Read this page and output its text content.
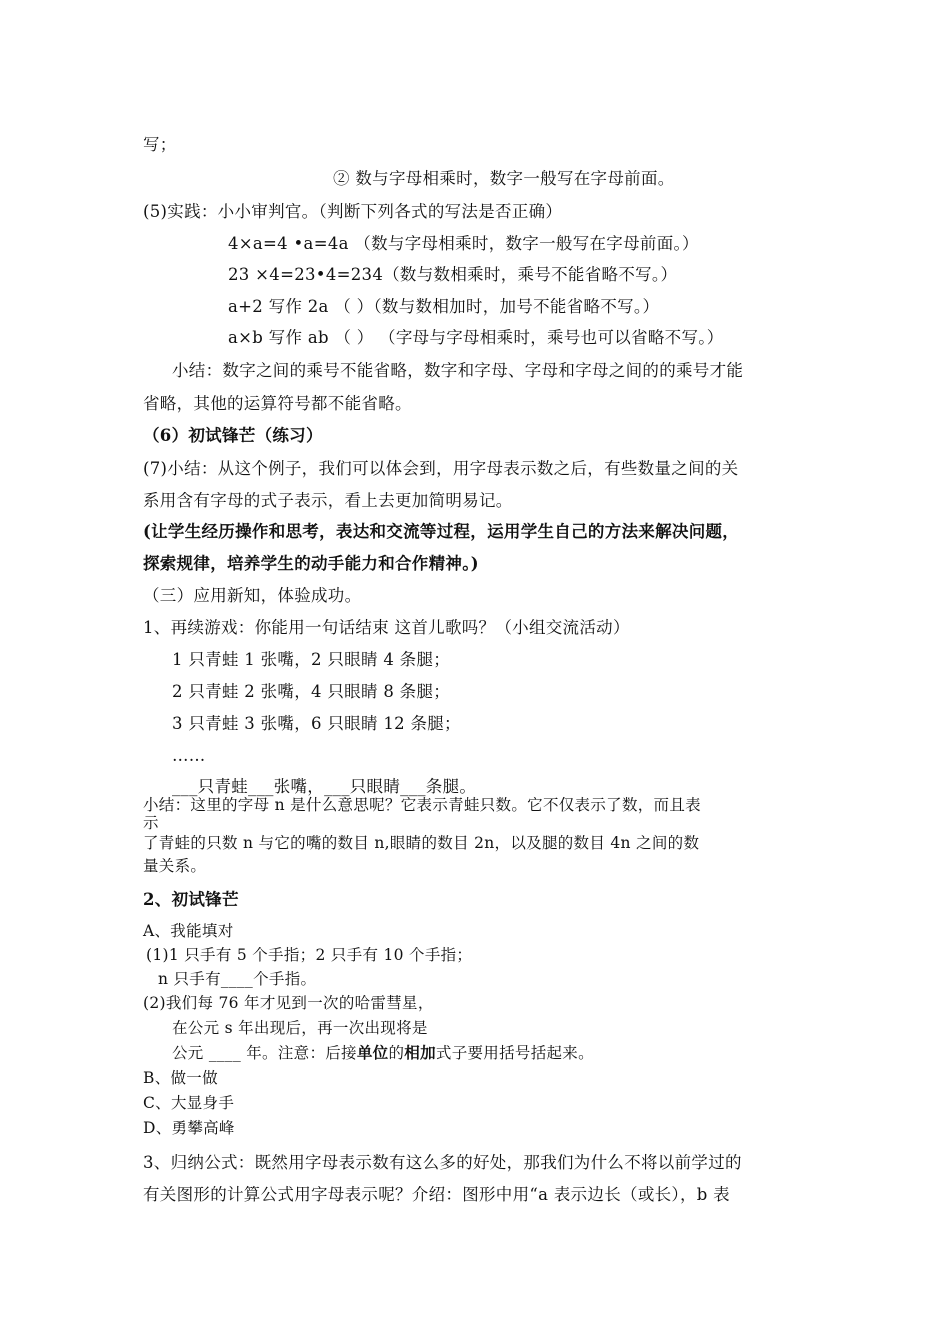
写；
② 数与字母相乘时，数字一般写在字母前面。
(5)实践：小小审判官。（判断下列各式的写法是否正确）
4×a=4 •a=4a （数与字母相乘时，数字一般写在字母前面。）
23 ×4=23•4=234（数与数相乘时，乘号不能省略不写。）
a+2 写作 2a （ ）（数与数相加时，加号不能省略不写。）
a×b 写作 ab （ ） （字母与字母相乘时，乘号也可以省略不写。）
小结：数字之间的乘号不能省略，数字和字母、字母和字母之间的的乘号才能
省略，其他的运算符号都不能省略。
（6）初试锋芒（练习）
(7)小结：从这个例子，我们可以体会到，用字母表示数之后，有些数量之间的关
系用含有字母的式子表示，看上去更加简明易记。
(让学生经历操作和思考，表达和交流等过程，运用学生自己的方法来解决问题，
探索规律，培养学生的动手能力和合作精神。)
（三）应用新知，体验成功。
1、再续游戏：你能用一句话结束 这首儿歌吗？（小组交流活动）
1 只青蛙 1 张嘴，2 只眼睛 4 条腿；
2 只青蛙 2 张嘴，4 只眼睛 8 条腿；
3 只青蛙 3 张嘴，6 只眼睛 12 条腿；
……
___只青蛙___张嘴，___只眼睛___条腿。
小结：这里的字母 n 是什么意思呢？它表示青蛙只数。它不仅表示了数，而且表
示
了青蛙的只数 n 与它的嘴的数目 n,眼睛的数目 2n，以及腿的数目 4n 之间的数
量关系。
2、初试锋芒
A、我能填对
(1)1 只手有 5 个手指；2 只手有 10 个手指；
n 只手有____个手指。
(2)我们每 76 年才见到一次的哈雷彗星，
在公元 s 年出现后，再一次出现将是
公元 ____ 年。注意：后接单位的相加式子要用括号括起来。
B、做一做
C、大显身手
D、勇攀高峰
3、归纳公式：既然用字母表示数有这么多的好处，那我们为什么不将以前学过的
有关图形的计算公式用字母表示呢？介绍：图形中用“a 表示边长（或长），b 表
